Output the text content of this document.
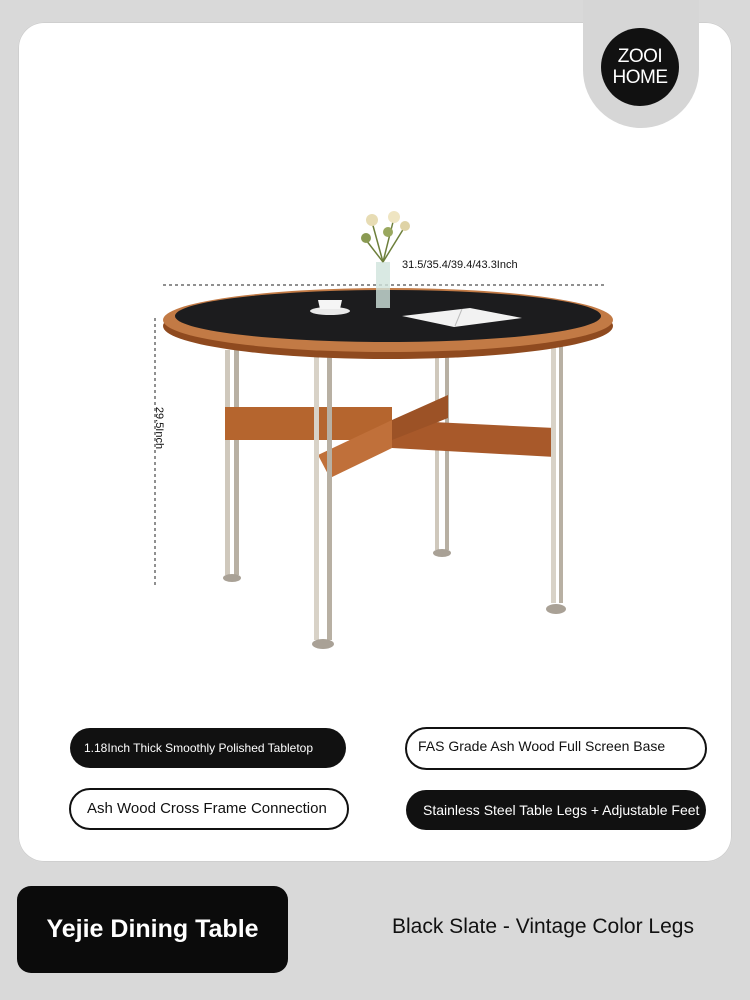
ZOOI
HOME
31.5/35.4/39.4/43.3Inch
29.5Inch
1.18Inch Thick Smoothly Polished Tabletop	FAS Grade Ash Wood Full Screen Base
Ash Wood Cross Frame Connection	Stainless Steel Table Legs + Adjustable Feet
Yejie Dining Table	Black Slate - Vintage Color Legs
